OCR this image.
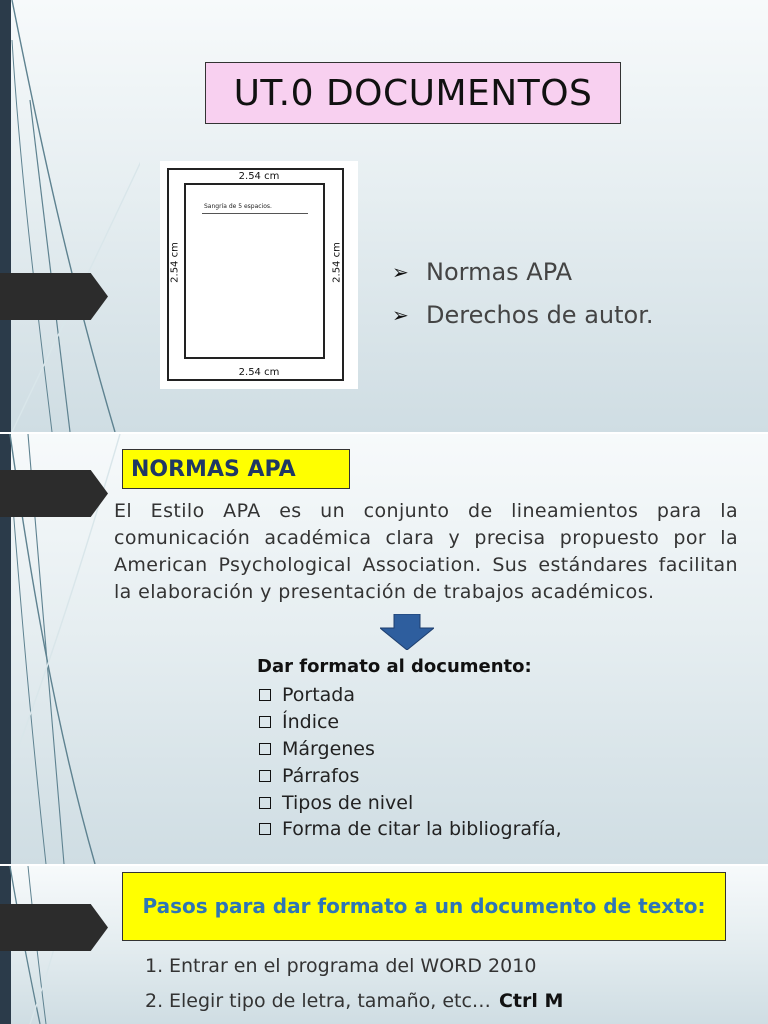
UT.0 DOCUMENTOS
2.54 cm
2.54 cm
2.54 cm	2.54 cm
Sangría de 5 espacios.
➢ Normas APA
➢ Derechos de autor.
NORMAS APA

El Estilo APA es un conjunto de lineamientos para la comunicación académica clara y precisa propuesto por la American Psychological Association. Sus estándares facilitan la elaboración y presentación de trabajos académicos.

Dar formato al documento:
Portada
Índice
Márgenes
Párrafos
Tipos de nivel
Forma de citar la bibliografía,
Pasos para dar formato a un documento de texto:
1. Entrar en el programa del WORD 2010
2. Elegir tipo de letra, tamaño, etc… Ctrl M
